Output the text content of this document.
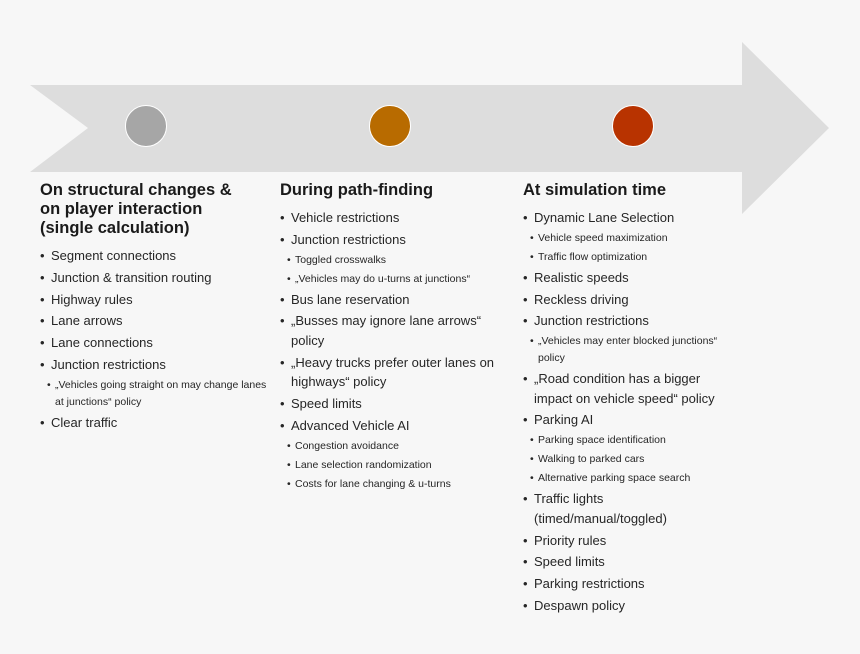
On structural changes &
on player interaction
(single calculation)
• Segment connections
• Junction & transition routing
• Highway rules
• Lane arrows
• Lane connections
• Junction restrictions
• „Vehicles going straight on may change lanes at junctions“ policy
• Clear traffic
During path-finding
• Vehicle restrictions
• Junction restrictions
• Toggled crosswalks
• „Vehicles may do u-turns at junctions“
• Bus lane reservation
• „Busses may ignore lane arrows“ policy
• „Heavy trucks prefer outer lanes on highways“ policy
• Speed limits
• Advanced Vehicle AI
• Congestion avoidance
• Lane selection randomization
• Costs for lane changing & u-turns
At simulation time
• Dynamic Lane Selection
• Vehicle speed maximization
• Traffic flow optimization
• Realistic speeds
• Reckless driving
• Junction restrictions
• „Vehicles may enter blocked junctions“ policy
• „Road condition has a bigger impact on vehicle speed“ policy
• Parking AI
• Parking space identification
• Walking to parked cars
• Alternative parking space search
• Traffic lights (timed/manual/toggled)
• Priority rules
• Speed limits
• Parking restrictions
• Despawn policy
